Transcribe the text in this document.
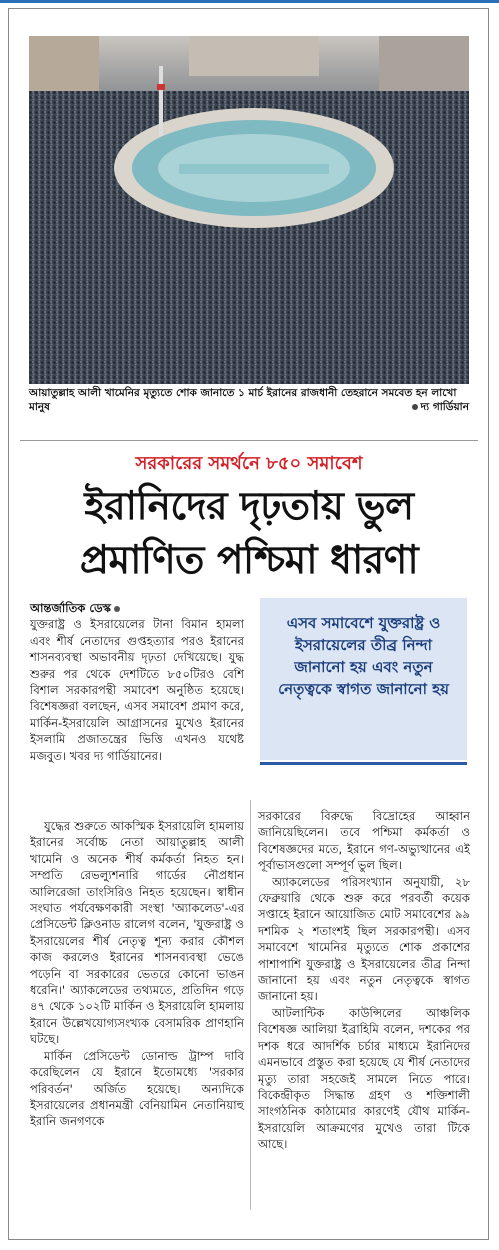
আয়াতুল্লাহ আলী খামেনির মৃত্যুতে শোক জানাতে ১ মার্চ ইরানের রাজধানী তেহরানে সমবেত হন লাখো মানুষ	দ্য গার্ডিয়ান
সরকারের সমর্থনে ৮৫০ সমাবেশ
ইরানিদের দৃঢ়তায় ভুল
প্রমাণিত পশ্চিমা ধারণা

আন্তর্জাতিক ডেস্ক
যুক্তরাষ্ট্র ও ইসরায়েলের টানা বিমান হামলা এবং শীর্ষ নেতাদের গুপ্তহত্যার পরও ইরানের শাসনব্যবস্থা অভাবনীয় দৃঢ়তা দেখিয়েছে। যুদ্ধ শুরুর পর থেকে দেশটিতে ৮৫০টিরও বেশি বিশাল সরকারপন্থী সমাবেশ অনুষ্ঠিত হয়েছে। বিশেষজ্ঞরা বলছেন, এসব সমাবেশ প্রমাণ করে, মার্কিন-ইসরায়েলি আগ্রাসনের মুখেও ইরানের ইসলামি প্রজাতন্ত্রের ভিত্তি এখনও যথেষ্ট মজবুত। খবর দ্য গার্ডিয়ানের।

যুদ্ধের শুরুতে আকস্মিক ইসরায়েলি হামলায় ইরানের সর্বোচ্চ নেতা আয়াতুল্লাহ আলী খামেনি ও অনেক শীর্ষ কর্মকর্তা নিহত হন। সম্প্রতি রেভল্যুশনারি গার্ডের নৌপ্রধান আলিরেজা তাংসিরিও নিহত হয়েছেন। স্বাধীন সংঘাত পর্যবেক্ষণকারী সংস্থা 'অ্যাকলেড'-এর প্রেসিডেন্ট ক্লিওনাড রালেগ বলেন, 'যুক্তরাষ্ট্র ও ইসরায়েলের শীর্ষ নেতৃত্ব শূন্য করার কৌশল কাজ করলেও ইরানের শাসনব্যবস্থা ভেঙে পড়েনি বা সরকারের ভেতরে কোনো ভাঙন ধরেনি।' অ্যাকলেডের তথ্যমতে, প্রতিদিন গড়ে ৪৭ থেকে ১০২টি মার্কিন ও ইসরায়েলি হামলায় ইরানে উল্লেখযোগ্যসংখ্যক বেসামরিক প্রাণহানি ঘটছে।

মার্কিন প্রেসিডেন্ট ডোনাল্ড ট্রাম্প দাবি করেছিলেন যে ইরানে ইতোমধ্যে 'সরকার পরিবর্তন' অর্জিত হয়েছে। অন্যদিকে ইসরায়েলের প্রধানমন্ত্রী বেনিয়ামিন নেতানিয়াহু ইরানি জনগণকে

এসব সমাবেশে যুক্তরাষ্ট্র ও ইসরায়েলের তীব্র নিন্দা জানানো হয় এবং নতুন নেতৃত্বকে স্বাগত জানানো হয়

সরকারের বিরুদ্ধে বিদ্রোহের আহ্বান জানিয়েছিলেন। তবে পশ্চিমা কর্মকর্তা ও বিশেষজ্ঞদের মতে, ইরানে গণ-অভ্যুত্থানের এই পূর্বাভাসগুলো সম্পূর্ণ ভুল ছিল।

অ্যাকলেডের পরিসংখ্যান অনুযায়ী, ২৮ ফেব্রুয়ারি থেকে শুরু করে পরবর্তী কয়েক সপ্তাহে ইরানে আয়োজিত মোট সমাবেশের ৯৯ দশমিক ২ শতাংশই ছিল সরকারপন্থী। এসব সমাবেশে খামেনির মৃত্যুতে শোক প্রকাশের পাশাপাশি যুক্তরাষ্ট্র ও ইসরায়েলের তীব্র নিন্দা জানানো হয় এবং নতুন নেতৃত্বকে স্বাগত জানানো হয়।

আটলান্টিক কাউন্সিলের আঞ্চলিক বিশেষজ্ঞ আলিয়া ইব্রাহিমি বলেন, দশকের পর দশক ধরে আদর্শিক চর্চার মাধ্যমে ইরানিদের এমনভাবে প্রস্তুত করা হয়েছে যে শীর্ষ নেতাদের মৃত্যু তারা সহজেই সামলে নিতে পারে। বিকেন্দ্রীকৃত সিদ্ধান্ত গ্রহণ ও শক্তিশালী সাংগঠনিক কাঠামোর কারণেই যৌথ মার্কিন-ইসরায়েলি আক্রমণের মুখেও তারা টিকে আছে।
